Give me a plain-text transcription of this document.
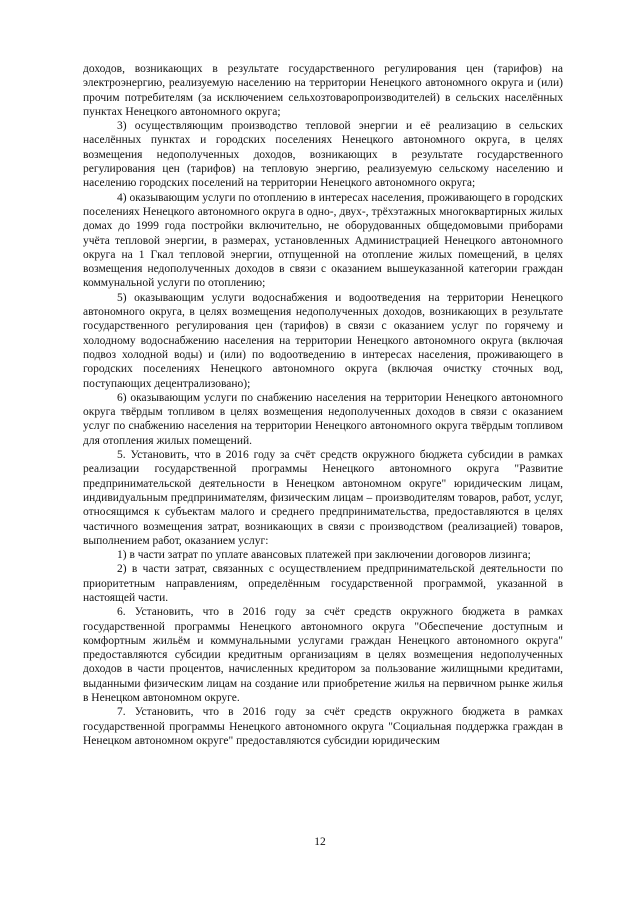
доходов, возникающих в результате государственного регулирования цен (тарифов) на электроэнергию, реализуемую населению на территории Ненецкого автономного округа и (или) прочим потребителям (за исключением сельхозтоваропроизводителей) в сельских населённых пунктах Ненецкого автономного округа;

3) осуществляющим производство тепловой энергии и её реализацию в сельских населённых пунктах и городских поселениях Ненецкого автономного округа, в целях возмещения недополученных доходов, возникающих в результате государственного регулирования цен (тарифов) на тепловую энергию, реализуемую сельскому населению и населению городских поселений на территории Ненецкого автономного округа;

4) оказывающим услуги по отоплению в интересах населения, проживающего в городских поселениях Ненецкого автономного округа в одно-, двух-, трёхэтажных многоквартирных жилых домах до 1999 года постройки включительно, не оборудованных общедомовыми приборами учёта тепловой энергии, в размерах, установленных Администрацией Ненецкого автономного округа на 1 Гкал тепловой энергии, отпущенной на отопление жилых помещений, в целях возмещения недополученных доходов в связи с оказанием вышеуказанной категории граждан коммунальной услуги по отоплению;

5) оказывающим услуги водоснабжения и водоотведения на территории Ненецкого автономного округа, в целях возмещения недополученных доходов, возникающих в результате государственного регулирования цен (тарифов) в связи с оказанием услуг по горячему и холодному водоснабжению населения на территории Ненецкого автономного округа (включая подвоз холодной воды) и (или) по водоотведению в интересах населения, проживающего в городских поселениях Ненецкого автономного округа (включая очистку сточных вод, поступающих децентрализовано);

6) оказывающим услуги по снабжению населения на территории Ненецкого автономного округа твёрдым топливом в целях возмещения недополученных доходов в связи с оказанием услуг по снабжению населения на территории Ненецкого автономного округа твёрдым топливом для отопления жилых помещений.

5. Установить, что в 2016 году за счёт средств окружного бюджета субсидии в рамках реализации государственной программы Ненецкого автономного округа "Развитие предпринимательской деятельности в Ненецком автономном округе" юридическим лицам, индивидуальным предпринимателям, физическим лицам – производителям товаров, работ, услуг, относящимся к субъектам малого и среднего предпринимательства, предоставляются в целях частичного возмещения затрат, возникающих в связи с производством (реализацией) товаров, выполнением работ, оказанием услуг:

1) в части затрат по уплате авансовых платежей при заключении договоров лизинга;

2) в части затрат, связанных с осуществлением предпринимательской деятельности по приоритетным направлениям, определённым государственной программой, указанной в настоящей части.

6. Установить, что в 2016 году за счёт средств окружного бюджета в рамках государственной программы Ненецкого автономного округа "Обеспечение доступным и комфортным жильём и коммунальными услугами граждан Ненецкого автономного округа" предоставляются субсидии кредитным организациям в целях возмещения недополученных доходов в части процентов, начисленных кредитором за пользование жилищными кредитами, выданными физическим лицам на создание или приобретение жилья на первичном рынке жилья в Ненецком автономном округе.

7. Установить, что в 2016 году за счёт средств окружного бюджета в рамках государственной программы Ненецкого автономного округа "Социальная поддержка граждан в Ненецком автономном округе" предоставляются субсидии юридическим

12
